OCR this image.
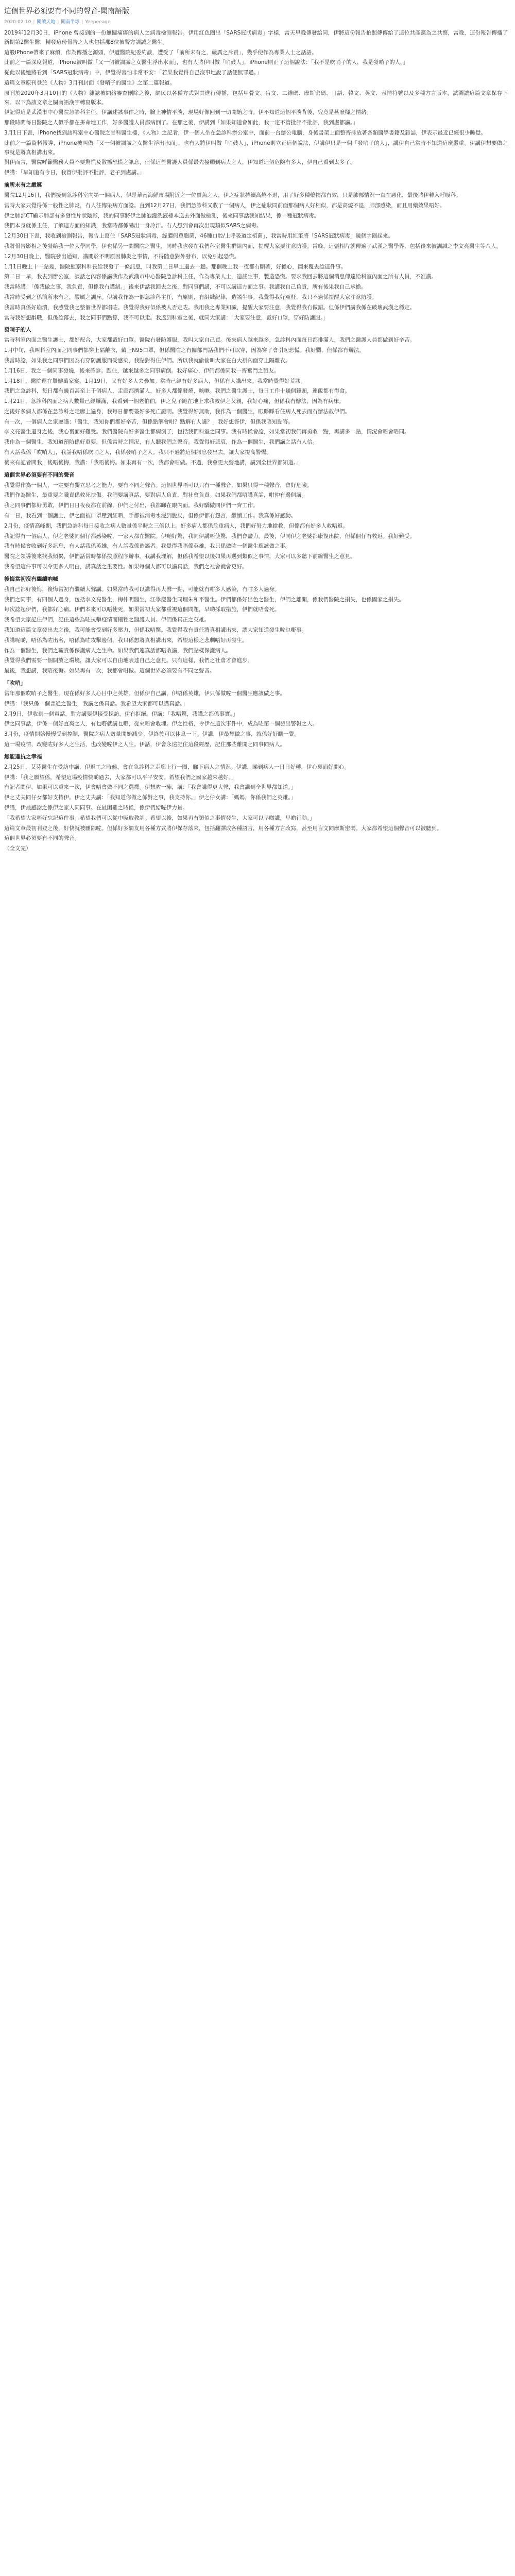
這個世界必須要有不同的聲音-聞南語版
2020-02-10 | 閱讀天地 | 聞南半球 | Yeepeeage

2019年12月30日，iPhone 曾接到的一份無關痛癢的病人之病毒檢測報告。伊用紅色圈出「SARS冠狀病毒」字樣，當天早晚傳發給同，伊將這份報告拍照傳傳給了這位共產黨為之共察，當晚，這份報告傳播了新期第2醫生醫，轉發這份報告之人也包括那8位被警方訓誡之醫生。

這般iPhone帶來了麻煩，作為傳播之源頭，伊遭醫院紀委約談，遭受了「前所未有之，嚴厲之斥責」，幾乎使作為專業人士之話語。

此前之一篇深度報道，iPhone被叫做「又一個被訓誡之女醫生浮出水面」，也有人將伊叫做「哨鼓人」，iPhone則正了這個說法：「我不是吹哨子的人，我是發哨子的人。」

從此以後她將看到「SARS冠狀病毒」中，伊覺得害怕非常不安：「若果我覺得自己沒事地說了話便無罪過。」

這篇文章原刊登於《人物》3月刊封面《發哨子的醫生》之第二篇報道。

原刊於2020年3月10日的《人物》雜誌被網絡審查刪除之後，網民以各種方式對其進行傳播，包括甲骨文、盲文、二維碼、摩斯密碼、日語、韓文、英文、表情符號以及多種方言版本，試圖讓這篇文章保存下來。以下為該文章之閩南語漢字轉寫版本。

伊記得這是武漢市中心醫院急診科主任，伊講述該事件之時，臉上神情平淡，現場好像回到一切開始之時。伊不知道這個平淡背後，究竟是甚麼樣之情緒。

那段時間每日醫院之人似乎都在拼命地工作，好多醫護人員都病倒了。在那之後，伊講到「如果知道會如此，我一定不管批評不批評，我到處都講。」

3月1日下晝，iPhone找到該科室中心醫院之骨科醫生樓，《人物》之記者，伊一個人坐在急診科辦公室中，面前一台辦公電腦，身後書架上面整齊排放著各類醫學書籍及雜誌，伊表示最近已經很少睡覺。

此前之一篇資料報導，iPhone被叫做「又一個被訓誡之女醫生浮出水面」，也有人將伊叫做「哨鼓人」，iPhone則立正這個說法，伊講伊只是一個「發哨子的人」，講伊自己當時不知道這麼嚴重。伊講伊想要做之事就是將真相講出來。

對伊而言，醫院呼籲醫務人員不要驚慌及散播恐慌之訊息，但係這些醫護人員係最先接觸到病人之人，伊知道這個危險有多大，伊自己看到太多了。

伊講：「早知道有今日，我管伊批評不批評，老子到處講。」

前所未有之嚴厲

醫院12月16日，我們接到急診科室內第一個病人，伊是華南海鮮市場附近之一位賣魚之人，伊之症狀持續高燒不退，用了好多種藥物都冇效，只是肺部情況一直在惡化，最後將伊轉入呼吸科。

當時大家只覺得係一般性之肺炎，冇人往傳染病方面諗。直到12月27日，我們急診科又收了一個病人，伊之症狀同前面那個病人好相似，都是高燒不退，肺部感染，而且用藥效果唔好。

伊之肺部CT顯示肺部有多發性片狀陰影，我的同事將伊之肺泡灌洗液標本送去外面做檢測，後來同事話我知結果，係一種冠狀病毒。

我們本身就係主任，了解這方面的知識，我當時都係嚇出一身冷汗。冇人想到會再次出現類似SARS之病毒。

12月30日下晝，我收到檢測報告，報告上寫住「SARS冠狀病毒，綠膿假單胞菌，46種口腔/上呼吸道定植菌」，我當時用紅筆將「SARS冠狀病毒」幾個字圈起來。

我將報告影相之後發給我一位大學同學，伊也係另一間醫院之醫生，同時我也發在我們科室醫生群組內面，提醒大家要注意防護。當晚，這張相片就傳遍了武漢之醫學界，包括後來被訓誡之李文亮醫生等八人。

12月30日晚上，醫院發出通知，講關於不明原因肺炎之事情，不得隨意對外發布，以免引起恐慌。

1月1日晚上十一點幾，醫院監察科科長給我發了一條訊息，叫我第二日早上過去一趟。那個晚上我一夜都冇瞓著，好擔心，翻來覆去諗這件事。

第二日一早，我去到辦公室，談話之內容係講我作為武漢市中心醫院急診科主任，作為專業人士，造謠生事，製造恐慌。要求我回去將這個消息傳達給科室內面之所有人員，不准講。

我當時講：「係我做之事，我負責，但係我冇講錯。」後來伊話我回去之後，對同事們講，不可以講這方面之事。我講我自己負責，所有後果我自己承擔。

我當時受到之係前所未有之，嚴厲之訓斥。伊講我作為一個急診科主任，冇原則，冇組織紀律，造謠生事。我覺得我好冤枉，我只不過係提醒大家注意防護。

我當時真係好崩潰，我感覺我之整個世界都塌咗。我覺得我好似係被人否定咗。我用我之專業知識，提醒大家要注意，我覺得我冇做錯。但係伊們講我係在破壞武漢之穩定。

當時我好想辭職，但係諗落去，我之同事們點算，我不可以走。我返到科室之後，就同大家講：「大家要注意，戴好口罩，穿好防護服。」

發哨子的人

當時科室內面之醫生護士，都好配合，大家都戴好口罩。醫院冇發防護服，我叫大家自己買。後來病人越來越多，急診科內面每日都排滿人，我們之醫護人員都做到好辛苦。

1月中旬，我叫科室內面之同事們都穿上隔離衣，戴上N95口罩，但係醫院之有關部門話我們不可以穿，因為穿了會引起恐慌。我好嬲，但係都冇辦法。

我當時諗，如果我之同事們因為冇穿防護服而受感染，我點對得住伊們。所以我就偷偷叫大家在白大褂內面穿上隔離衣。

1月16日，我之一個同事發燒，後來確診。跟住，越來越多之同事病倒。我好痛心，伊們都係同我一齊奮鬥之戰友。

1月18日，醫院還在舉辦萬家宴，1月19日，又有好多人去參加。當時已經有好多病人，但係冇人講出來。我當時覺得好荒謬。

我們之急診科，每日都有幾百甚至上千個病人，走廊都擠滿人，好多人都係發燒，咳嗽。我們之醫生護士，每日工作十幾個鐘頭，連飯都冇得食。

1月21日，急診科內面之病人數量已經爆滿，我看到一個老伯伯，伊之兒子跪在地上求我救伊之父親，我好心痛，但係我冇辦法，因為冇病床。

之後好多病人都係在急診科之走廊上過身，我每日都要簽好多死亡證明。我覺得好無助，我作為一個醫生，眼睜睜看住病人死去而冇辦法救伊們。

有一次，一個病人之家屬講：「醫生，我知你們都好辛苦，但係點解會咁？點解冇人講？」我好想答伊，但係我唔知點答。

李文亮醫生過身之後，我心裏面好難受。我們醫院有好多醫生都病倒了，包括我們科室之同事。我有時候會諗，如果當初我們再勇敢一點，再講多一點，情況會唔會唔同。

我作為一個醫生，我知道預防係好重要，但係當時之情況，冇人聽我們之聲音。我覺得好悲哀，作為一個醫生，我們講之話冇人信。

有人話我係「吹哨人」，我話我唔係吹哨之人，我係發哨子之人。我只不過將這個訊息發出去，讓大家提高警惕。

後來有記者問我，後唔後悔，我講：「我唔後悔。如果再有一次，我都會咁做。不過，我會更大聲地講，講到全世界都知道。」

這個世界必須要有不同的聲音

我覺得作為一個人，一定要有獨立思考之能力，要有不同之聲音。這個世界唔可以只有一種聲音，如果只得一種聲音，會好危險。

我們作為醫生，最重要之職責係救死扶傷。我們要講真話，要對病人負責，對社會負責。如果我們都唔講真話，咁仲有邊個講。

我之同事們都好勇敢，伊們日日夜夜都在前線，伊們之付出，我都睇在眼內面。我好驕傲同伊們一齊工作。

有一日，我看到一個護士，伊之面被口罩壓到紅晒，手都被消毒水浸到脫皮，但係伊都冇怨言，繼續工作。我真係好感動。

2月份，疫情高峰期，我們急診科每日接收之病人數量係平時之三倍以上。好多病人都係危重病人，我們好努力地搶救，但係都有好多人救唔返。

我記得有一個病人，伊之老婆同個仔都感染咗，一家人都在醫院。伊哋好驚，我同伊講唔使驚，我們會盡力。最後，伊同伊之老婆都康復出院，但係個仔冇救返。我好難受。

我有時候會收到好多訊息，有人話我係英雄，有人話我係造謠者。我覺得我唔係英雄，我只係做咗一個醫生應該做之事。

醫院之領導後來找我傾偈，伊們話當時都係按照程序辦事。我講我理解，但係我希望以後如果再遇到類似之事情，大家可以多聽下前線醫生之意見。

我希望這件事可以令更多人明白，講真話之重要性。如果每個人都可以講真話，我們之社會就會更好。

後悔當初沒有繼續吶喊

我自己都好後悔，後悔當初冇繼續大聲講。如果當時我可以講得再大聲一點，可能就冇咁多人感染，冇咁多人過身。

我們之同事，有四個人過身，包括李文亮醫生，梅仲明醫生，江學慶醫生同埋朱和平醫生。伊們都係好出色之醫生，伊們之離開，係我們醫院之損失，也係國家之損失。

每次諗起伊們，我都好心痛。伊們本來可以唔使死，如果當初大家都重視這個問題，早啲採取措施，伊們就唔會死。

我希望大家記住伊們，記住這些為咗抗擊疫情而犧牲之醫護人員。伊們係真正之英雄。

我知道這篇文章發出去之後，我可能會受到好多壓力，但係我唔驚。我覺得我有責任將真相講出來，讓大家知道發生咗乜嘢事。

我講呢啲，唔係為咗出名，唔係為咗攻擊邊個，我只係想將真相講出來，希望這樣之悲劇唔好再發生。

作為一個醫生，我們之職責係保護病人之生命。如果我們連真話都唔敢講，我們點樣保護病人。

我覺得我們需要一個開放之環境，讓大家可以自由地表達自己之意見。只有這樣，我們之社會才會進步。

最後，我想講，我唔後悔。如果再有一次，我都會咁做。這個世界必須要有不同之聲音。

「吹哨」

當年那個吹哨子之醫生，現在係好多人心目中之英雄。但係伊自己講，伊唔係英雄，伊只係做咗一個醫生應該做之事。

伊講：「我只係一個普通之醫生，我講之係真話。我希望大家都可以講真話。」

2月9日，伊收到一個電話，對方講要伊接受採訪，伊冇拒絕。伊講：「我唔驚，我講之都係事實。」

伊之同事話，伊係一個好直爽之人，有乜嘢就講乜嘢，從來唔會收埋。伊之性格，令伊在這次事件中，成為咗第一個發出警報之人。

3月份，疫情開始慢慢受到控制，醫院之病人數量開始減少。伊終於可以休息一下。伊講，伊最想做之事，就係好好瞓一覺。

這一場疫情，改變咗好多人之生活，也改變咗伊之人生。伊話，伊會永遠記住這段經歷，記住那些離開之同事同病人。

無能違抗之幸福

2月25日，艾芬醫生在受訪中講，伊返工之時候，會在急診科之走廊上行一圈，睇下病人之情況。伊講，睇到病人一日日好轉，伊心裏面好開心。

伊講：「我之願望係，希望這場疫情快啲過去，大家都可以平平安安。希望我們之國家越來越好。」

有記者問伊，如果可以重來一次，伊會唔會做不同之選擇。伊想咗一陣，講：「我會講得更大聲，我會講到全世界都知道。」

伊之丈夫同仔女都好支持伊。伊之丈夫講：「我知道你做之係對之事，我支持你。」伊之仔女講：「媽媽，你係我們之英雄。」

伊講，伊最感謝之係伊之家人同同事。在最困難之時候，係伊們給咗伊力量。

「我希望大家唔好忘記這件事。希望我們可以從中吸取教訓。希望以後，如果再有類似之事情發生，大家可以早啲講，早啲行動。」

這篇文章最初刊登之後，好快就被刪除咗。但係好多網友用各種方式將伊保存落來，包括翻譯成各種語言，用各種方言改寫，甚至用盲文同摩斯密碼。大家都希望這個聲音可以被聽到。

這個世界必須要有不同的聲音。

（全文完）
